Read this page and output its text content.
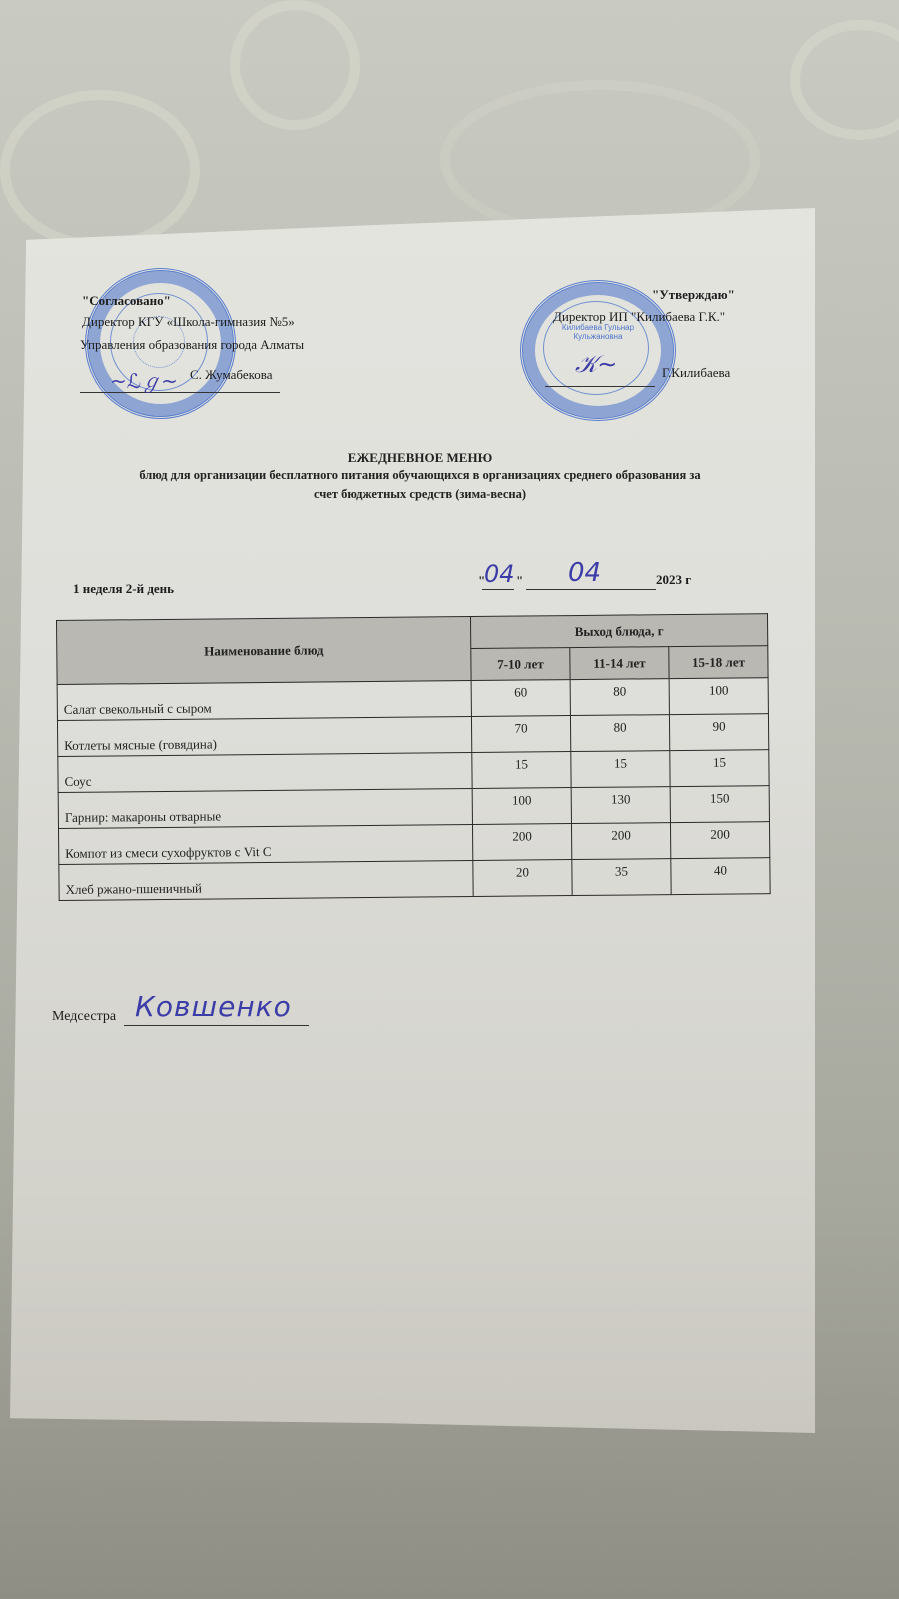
"Согласовано"
Директор КГУ «Школа-гимназия №5»
Управления образования города Алматы
~ℒℊ~ С. Жумабекова
Килибаева Гульнар Кульжановна
"Утверждаю"
Директор ИП "Килибаева Г.К."
𝒦∼	Г.Килибаева
ЕЖЕДНЕВНОЕ МЕНЮ
блюд для организации бесплатного питания обучающихся в организациях среднего образования за
счет бюджетных средств (зима-весна)
1 неделя 2-й день
"
04 " 04	2023 г
Наименование блюд	Выход блюда, г		
	7-10 лет	11-14 лет	15-18 лет
Салат свекольный с сыром	60	80	100
Котлеты мясные (говядина)	70	80	90
Соус	15	15	15
Гарнир: макароны отварные	100	130	150
Компот из смеси сухофруктов с Vit C	200	200	200
Хлеб ржано-пшеничный	20	35	40
Медсестра Ковшенко
